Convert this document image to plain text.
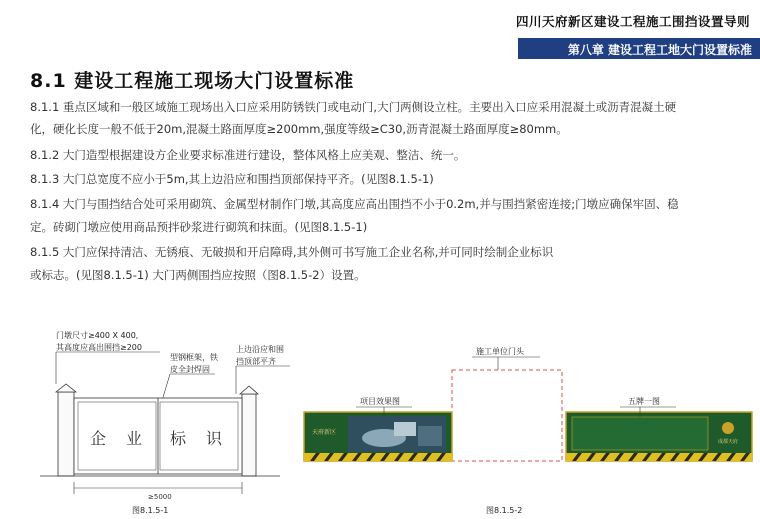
四川天府新区建设工程施工围挡设置导则
第八章 建设工程工地大门设置标准
8.1 建设工程施工现场大门设置标准
8.1.1 重点区域和一般区域施工现场出入口应采用防锈铁门或电动门,大门两侧设立柱。主要出入口应采用混凝土或沥青混凝土硬
化，硬化长度一般不低于20m,混凝土路面厚度≥200mm,强度等级≥C30,沥青混凝土路面厚度≥80mm。
8.1.2 大门造型根据建设方企业要求标准进行建设，整体风格上应美观、整洁、统一。
8.1.3 大门总宽度不应小于5m,其上边沿应和围挡顶部保持平齐。(见图8.1.5-1)
8.1.4 大门与围挡结合处可采用砌筑、金属型材制作门墩,其高度应高出围挡不小于0.2m,并与围挡紧密连接;门墩应确保牢固、稳
定。砖砌门墩应使用商品预拌砂浆进行砌筑和抹面。(见图8.1.5-1)
8.1.5 大门应保持清洁、无锈痕、无破损和开启障碍,其外侧可书写施工企业名称,并可同时绘制企业标识
或标志。(见图8.1.5-1) 大门两侧围挡应按照（图8.1.5-2）设置。
门墩尺寸≥400 X 400,
其高度应高出围挡≥200
型钢框架，铁
皮全封焊固
上边沿应和围
挡顶部平齐
企 业 标 识
≥5000
图8.1.5-1
施工单位门头
天府新区
项目效果图
成都天府
五牌一图
图8.1.5-2
